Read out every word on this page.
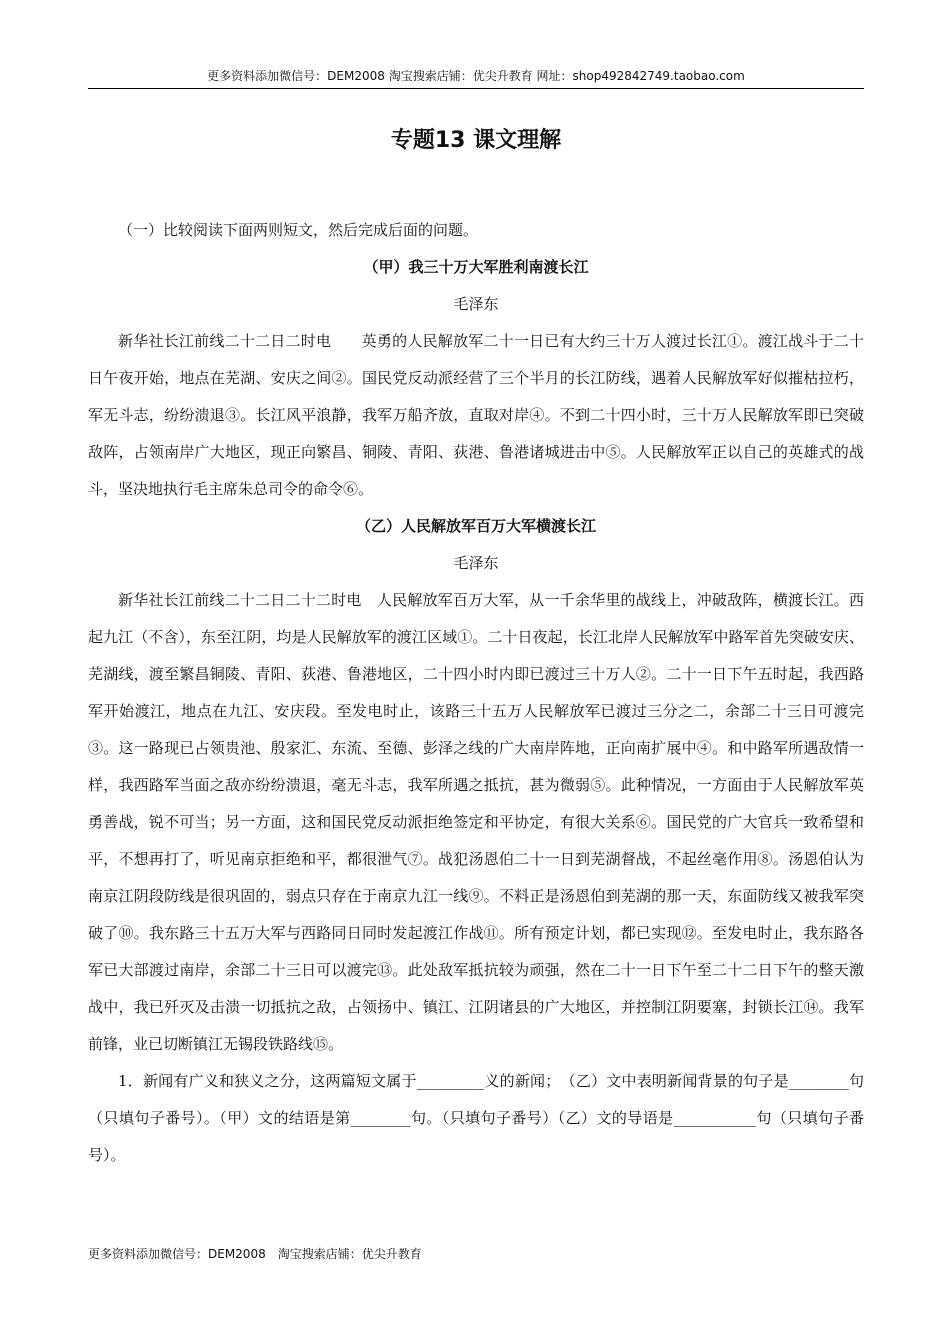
更多资料添加微信号：DEM2008 淘宝搜索店铺：优尖升教育 网址：shop492842749.taobao.com
专题13 课文理解

（一）比较阅读下面两则短文，然后完成后面的问题。

（甲）我三十万大军胜利南渡长江

毛泽东

新华社长江前线二十二日二时电　　英勇的人民解放军二十一日已有大约三十万人渡过长江①。渡江战斗于二十日午夜开始，地点在芜湖、安庆之间②。国民党反动派经营了三个半月的长江防线，遇着人民解放军好似摧枯拉朽，军无斗志，纷纷溃退③。长江风平浪静，我军万船齐放，直取对岸④。不到二十四小时，三十万人民解放军即已突破敌阵，占领南岸广大地区，现正向繁昌、铜陵、青阳、荻港、鲁港诸城进击中⑤。人民解放军正以自己的英雄式的战斗，坚决地执行毛主席朱总司令的命令⑥。

（乙）人民解放军百万大军横渡长江

毛泽东

新华社长江前线二十二日二十二时电　人民解放军百万大军，从一千余华里的战线上，冲破敌阵，横渡长江。西起九江（不含），东至江阴，均是人民解放军的渡江区域①。二十日夜起，长江北岸人民解放军中路军首先突破安庆、芜湖线，渡至繁昌铜陵、青阳、荻港、鲁港地区，二十四小时内即已渡过三十万人②。二十一日下午五时起，我西路军开始渡江，地点在九江、安庆段。至发电时止，该路三十五万人民解放军已渡过三分之二，余部二十三日可渡完③。这一路现已占领贵池、殷家汇、东流、至德、彭泽之线的广大南岸阵地，正向南扩展中④。和中路军所遇敌情一样，我西路军当面之敌亦纷纷溃退，毫无斗志，我军所遇之抵抗，甚为微弱⑤。此种情况，一方面由于人民解放军英勇善战，锐不可当；另一方面，这和国民党反动派拒绝签定和平协定，有很大关系⑥。国民党的广大官兵一致希望和平，不想再打了，听见南京拒绝和平，都很泄气⑦。战犯汤恩伯二十一日到芜湖督战，不起丝毫作用⑧。汤恩伯认为南京江阴段防线是很巩固的，弱点只存在于南京九江一线⑨。不料正是汤恩伯到芜湖的那一天，东面防线又被我军突破了⑩。我东路三十五万大军与西路同日同时发起渡江作战⑪。所有预定计划，都已实现⑫。至发电时止，我东路各军已大部渡过南岸，余部二十三日可以渡完⑬。此处敌军抵抗较为顽强，然在二十一日下午至二十二日下午的整天激战中，我已歼灭及击溃一切抵抗之敌，占领扬中、镇江、江阴诸县的广大地区，并控制江阴要塞，封锁长江⑭。我军前锋，业已切断镇江无锡段铁路线⑮。

1．新闻有广义和狭义之分，这两篇短文属于_________义的新闻；　（乙）文中表明新闻背景的句子是________句（只填句子番号）。（甲）文的结语是第________句。（只填句子番号）（乙）文的导语是___________句（只填句子番号）。

更多资料添加微信号：DEM2008　淘宝搜索店铺：优尖升教育
